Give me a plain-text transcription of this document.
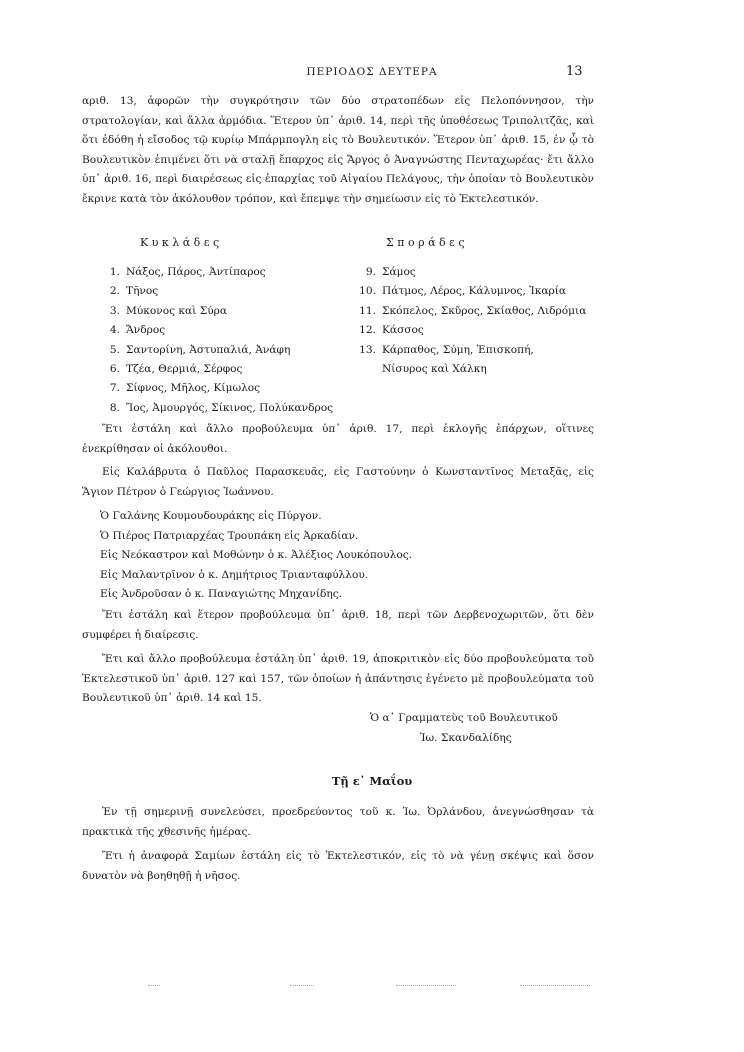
ΠΕΡΙΟΔΟΣ ΔΕΥΤΕΡΑ	13

αριθ. 13, ἀφορῶν τὴν συγκρότησιν τῶν δύο στρατοπέδων εἰς Πελοπόννησον, τὴν στρατολογίαν, καὶ ἄλλα ἁρμόδια. Ἕτερον ὑπ᾽ ἀριθ. 14, περὶ τῆς ὑποθέσεως Τριπολιτζᾶς, καὶ ὅτι ἐδόθη ἡ εἴσοδος τῷ κυρίῳ Μπάρμπογλη εἰς τὸ Βουλευτικόν. Ἕτερον ὑπ᾽ ἀριθ. 15, ἐν ᾧ τὸ Βουλευτικὸν ἐπιμένει ὅτι νὰ σταλῇ ἔπαρχος εἰς Ἄργος ὁ Ἀναγνώστης Πενταχωρέας· ἔτι ἄλλο ὑπ᾽ ἀριθ. 16, περὶ διαιρέσεως εἰς ἐπαρχίας τοῦ Αἰγαίου Πελάγους, τὴν ὁποίαν τὸ Βουλευτικὸν ἔκρινε κατὰ τὸν ἀκόλουθον τρόπον, καὶ ἔπεμψε τὴν σημείωσιν εἰς τὸ Ἐκτελεστικόν.

Κυκλάδες	Σποράδες
1. Νάξος, Πάρος, Ἀντίπαρος
2. Τῆνος
3. Μύκονος καὶ Σύρα
4. Ἄνδρος
5. Σαντορίνη, Ἀστυπαλιά, Ἀνάφη
6. Τζέα, Θερμιά, Σέρφος
7. Σίφνος, Μῆλος, Κίμωλος
8. Ἴος, Ἀμουργός, Σίκινος, Πολύκανδρος
9. Σάμος
10. Πάτμος, Λέρος, Κάλυμνος, Ἰκαρία
11. Σκόπελος, Σκῦρος, Σκίαθος, Λιδρόμια
12. Κάσσος
13. Κάρπαθος, Σύμη, Ἐπισκοπή,
Νίσυρος καὶ Χάλκη

Ἔτι ἐστάλη καὶ ἄλλο προβούλευμα ὑπ᾽ ἀριθ. 17, περὶ ἐκλογῆς ἐπάρχων, οἵτινες ἐνεκρίθησαν οἱ ἀκόλουθοι.

Εἰς Καλάβρυτα ὁ Παῦλος Παρασκευᾶς, εἰς Γαστούνην ὁ Κωνσταντῖνος Μεταξᾶς, εἰς Ἅγιον Πέτρον ὁ Γεώργιος Ἰωάννου.

Ὁ Γαλάνης Κουμουδουράκης εἰς Πύργον.
Ὁ Πιέρος Πατριαρχέας Τρουπάκη εἰς Ἀρκαδίαν.
Εἰς Νεόκαστρον καὶ Μοθώνην ὁ κ. Ἀλέξιος Λουκόπουλος.
Εἰς Μαλαντρῖνον ὁ κ. Δημήτριος Τριανταφύλλου.
Εἰς Ἀνδροῦσαν ὁ κ. Παναγιώτης Μηχανίδης.

Ἔτι ἐστάλη καὶ ἕτερον προβούλευμα ὑπ᾽ ἀριθ. 18, περὶ τῶν Δερβενοχωριτῶν, ὅτι δὲν συμφέρει ἡ διαίρεσις.

Ἔτι καὶ ἄλλο προβούλευμα ἐστάλη ὑπ᾽ ἀριθ. 19, ἀποκριτικὸν εἰς δύο προβουλεύματα τοῦ Ἐκτελεστικοῦ ὑπ᾽ ἀριθ. 127 καὶ 157, τῶν ὁποίων ἡ ἀπάντησις ἐγένετο μὲ προβουλεύματα τοῦ Βουλευτικοῦ ὑπ᾽ ἀριθ. 14 καὶ 15.

Ὁ α᾽ Γραμματεὺς τοῦ Βουλευτικοῦ
Ἰω. Σκανδαλίδης
Τῇ ε᾽ Μαΐου

Ἐν τῇ σημερινῇ συνελεύσει, προεδρεύοντος τοῦ κ. Ἰω. Ὀρλάνδου, ἀνεγνώσθησαν τὰ πρακτικὰ τῆς χθεσινῆς ἡμέρας.

Ἔτι ἡ ἀναφορὰ Σαμίων ἐστάλη εἰς τὸ Ἐκτελεστικόν, εἰς τὸ νὰ γένῃ σκέψις καὶ ὅσον δυνατὸν νὰ βοηθηθῇ ἡ νῆσος.
